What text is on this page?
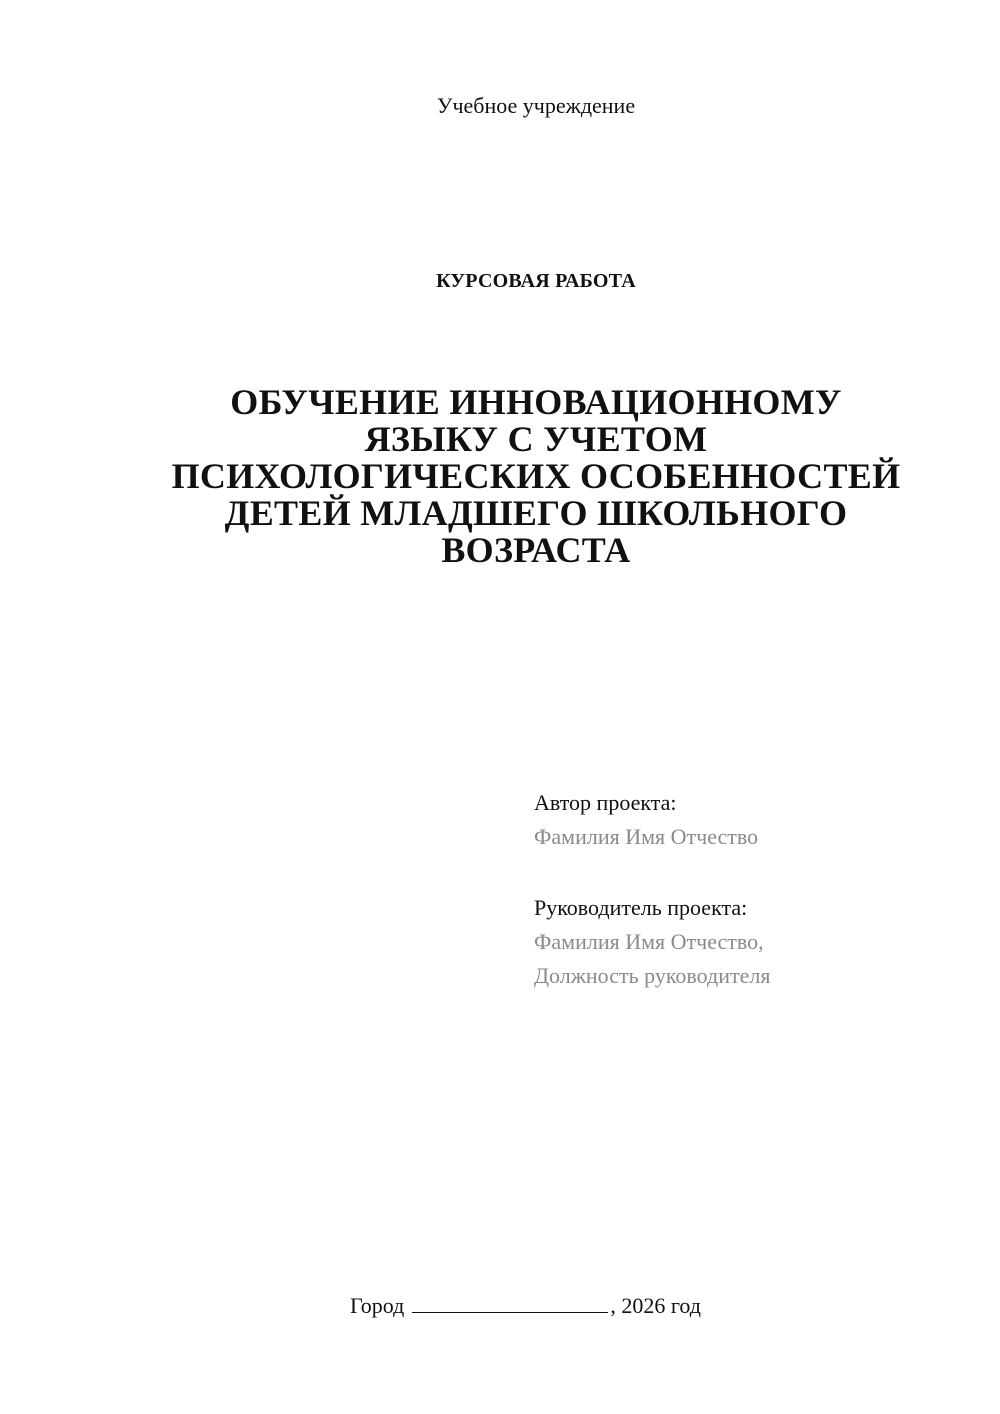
Учебное учреждение
КУРСОВАЯ РАБОТА
ОБУЧЕНИЕ ИННОВАЦИОННОМУ
ЯЗЫКУ С УЧЕТОМ
ПСИХОЛОГИЧЕСКИХ ОСОБЕННОСТЕЙ
ДЕТЕЙ МЛАДШЕГО ШКОЛЬНОГО
ВОЗРАСТА
Автор проекта:
Фамилия Имя Отчество
Руководитель проекта:
Фамилия Имя Отчество,
Должность руководителя
Город	, 2026 год
